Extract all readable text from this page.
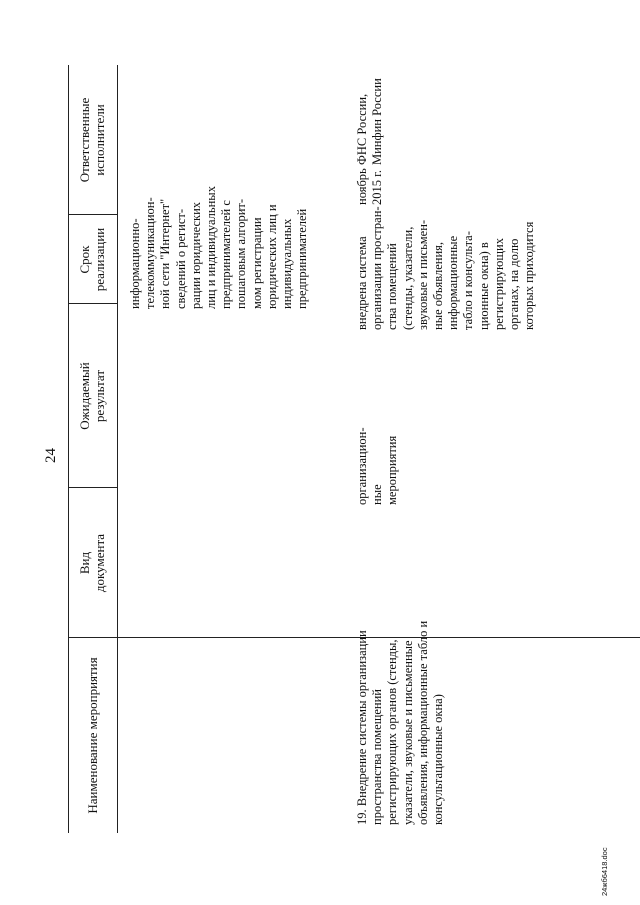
24
Наименование мероприятия
Вид
документа
Ожидаемый
результат
Срок
реализации
Ответственные
исполнители
информационно-
телекоммуникацион-
ной сети "Интернет"
сведений о регист-
рации юридических
лиц и индивидуальных
предпринимателей с
пошаговым алгорит-
мом регистрации
юридических лиц и
индивидуальных
предпринимателей
19. Внедрение системы организации
пространства помещений
регистрирующих органов (стенды,
указатели, звуковые и письменные
объявления, информационные табло и
консультационные окна)
организацион-
ные
мероприятия
внедрена система
организации простран-
ства помещений
(стенды, указатели,
звуковые и письмен-
ные объявления,
информационные
табло и консульта-
ционные окна) в
регистрирующих
органах, на долю
которых приходится
ноябрь
2015 г.
ФНС России,
Минфин России
24жб6418.doc
